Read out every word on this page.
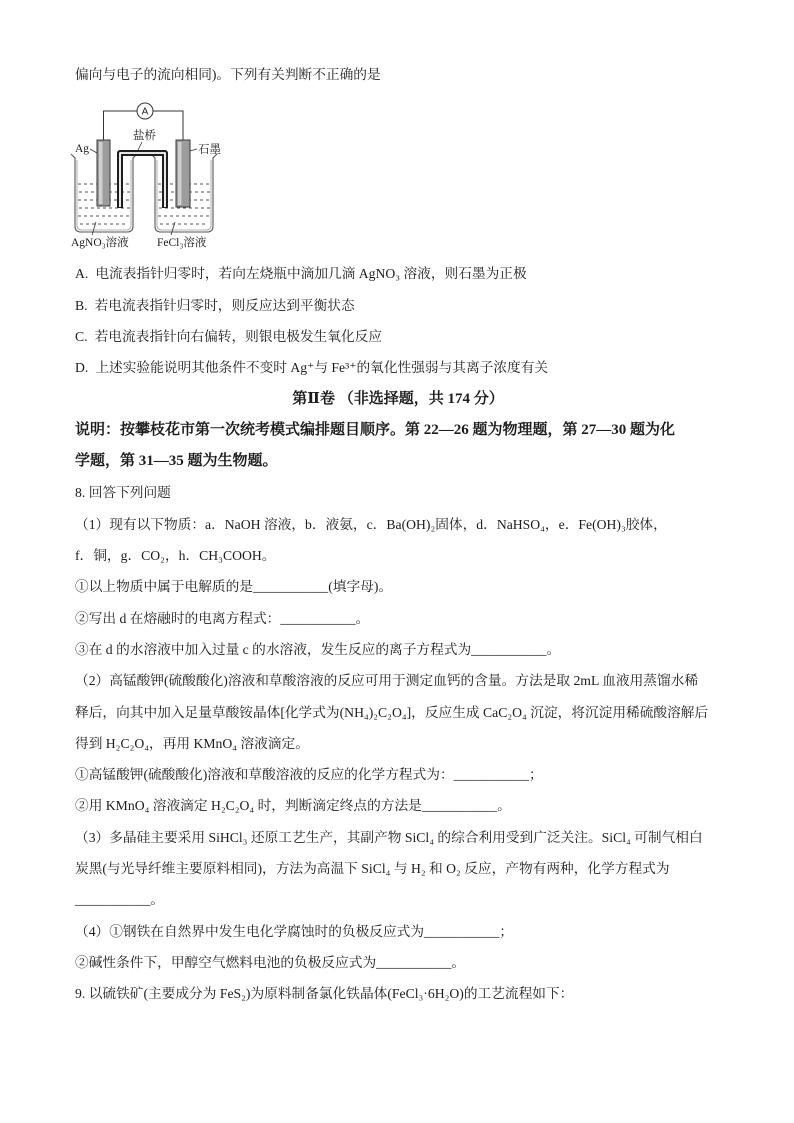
偏向与电子的流向相同)。下列有关判断不正确的是
A
Ag
盐桥
石墨
AgNO₃溶液 FeCl₃溶液
A. 电流表指针归零时，若向左烧瓶中滴加几滴 AgNO₃ 溶液，则石墨为正极
B. 若电流表指针归零时，则反应达到平衡状态
C. 若电流表指针向右偏转，则银电极发生氧化反应
D. 上述实验能说明其他条件不变时 Ag⁺与 Fe³⁺的氧化性强弱与其离子浓度有关
第Ⅱ卷 （非选择题，共 174 分）
说明：按攀枝花市第一次统考模式编排题目顺序。第 22—26 题为物理题，第 27—30 题为化
学题，第 31—35 题为生物题。
8. 回答下列问题
（1）现有以下物质：a．NaOH 溶液，b．液氨，c．Ba(OH)₂固体，d．NaHSO₄，e．Fe(OH)₃胶体，
f．铜，g．CO₂，h．CH₃COOH。
①以上物质中属于电解质的是___________(填字母)。
②写出 d 在熔融时的电离方程式：___________。
③在 d 的水溶液中加入过量 c 的水溶液，发生反应的离子方程式为___________。
（2）高锰酸钾(硫酸酸化)溶液和草酸溶液的反应可用于测定血钙的含量。方法是取 2mL 血液用蒸馏水稀
释后，向其中加入足量草酸铵晶体[化学式为(NH₄)₂C₂O₄]，反应生成 CaC₂O₄ 沉淀，将沉淀用稀硫酸溶解后
得到 H₂C₂O₄，再用 KMnO₄ 溶液滴定。
①高锰酸钾(硫酸酸化)溶液和草酸溶液的反应的化学方程式为：___________；
②用 KMnO₄ 溶液滴定 H₂C₂O₄ 时，判断滴定终点的方法是___________。
（3）多晶硅主要采用 SiHCl₃ 还原工艺生产，其副产物 SiCl₄ 的综合利用受到广泛关注。SiCl₄ 可制气相白
炭黑(与光导纤维主要原料相同)，方法为高温下 SiCl₄ 与 H₂ 和 O₂ 反应，产物有两种，化学方程式为
___________。
（4）①钢铁在自然界中发生电化学腐蚀时的负极反应式为___________；
②碱性条件下，甲醇空气燃料电池的负极反应式为___________。
9. 以硫铁矿(主要成分为 FeS₂)为原料制备氯化铁晶体(FeCl₃·6H₂O)的工艺流程如下：
